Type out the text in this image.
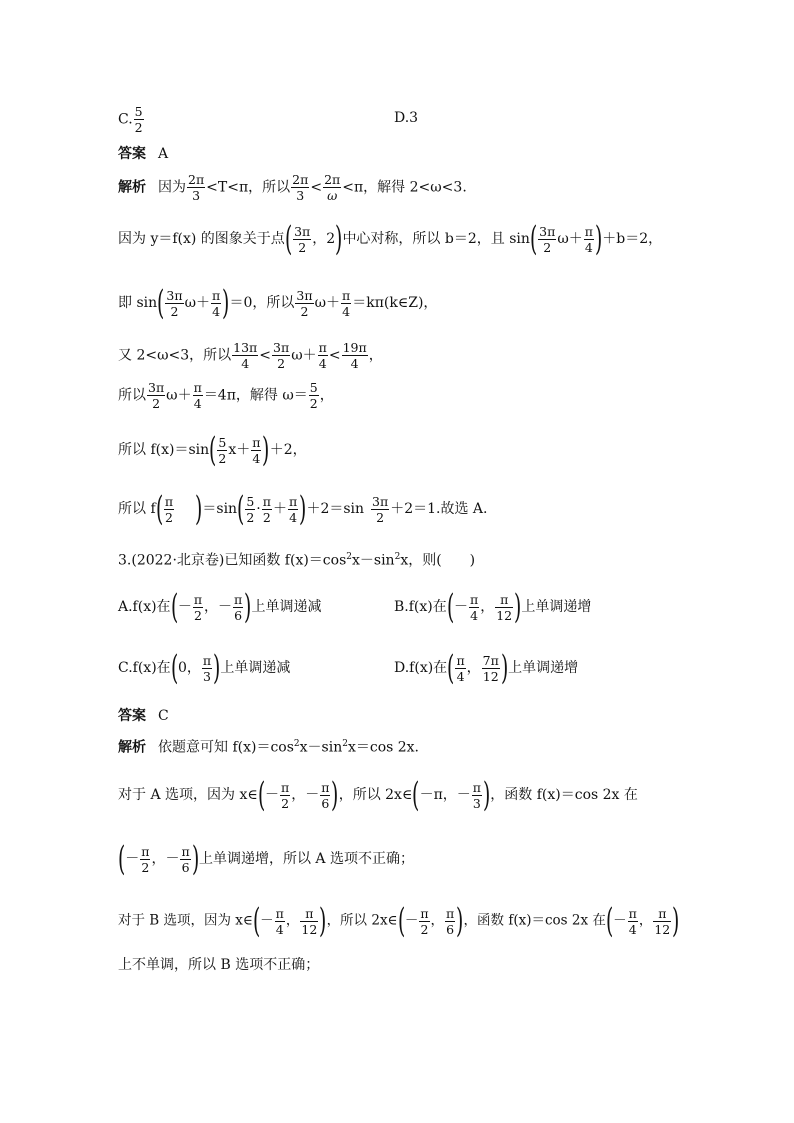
C. $\frac{5}{2}$	D.3
答案 A
解析 因为 $\frac{2\pi}{3} <T<\pi$，所以 $\frac{2\pi}{3} < \frac{2\pi}{\omega} <\pi$，解得 2<ω<3.
因为 y＝f(x) 的图象关于点( $\frac{3\pi}{2}$ ，2)中心对称，所以 b＝2，且 $\sin( \frac{3\pi}{2} \omega+ \frac{\pi}{4} )+b=2$，
即 $\sin( \frac{3\pi}{2} \omega+ \frac{\pi}{4} )=0$，所以 $\frac{3\pi}{2} \omega+ \frac{\pi}{4}$ ＝kπ(k∈Z)，
又 2<ω<3，所以 $\frac{13\pi}{4} < \frac{3\pi}{2} \omega+ \frac{\pi}{4} < \frac{19\pi}{4}$ ，
所以 $\frac{3\pi}{2} \omega+ \frac{\pi}{4} =4\pi$，解得 $\omega= \frac{5}{2}$ ，
所以 $f(x)=\sin( \frac{5}{2} x+ \frac{\pi}{4} )+2$，
所以 $f( \frac{\pi}{2} )=\sin( \frac{5}{2} \cdot \frac{\pi}{2} + \frac{\pi}{4} )+2=\sin \frac{3\pi}{2} +2=1$.故选 A.
3.(2022·北京卷)已知函数 $f(x)=\cos^2x-\sin^2x$，则(　　)
A.f(x)在(－ $\frac{\pi}{2}$ ，－ $\frac{\pi}{6}$ )上单调递减	B.f(x)在(－ $\frac{\pi}{4}$ ， $\frac{\pi}{12}$ )上单调递增
C.f(x)在(0， $\frac{\pi}{3}$ )上单调递减	D.f(x)在( $\frac{\pi}{4}$ ， $\frac{7\pi}{12}$ )上单调递增
答案 C
解析 依题意可知 $f(x)=\cos^2x-\sin^2x=\cos$ 2x.
对于 A 选项，因为 x∈(－ $\frac{\pi}{2}$ ，－ $\frac{\pi}{6}$ )，所以 2x∈(－π，－ $\frac{\pi}{3}$ )，函数 f(x)＝cos 2x 在
(－ $\frac{\pi}{2}$ ，－ $\frac{\pi}{6}$ )上单调递增，所以 A 选项不正确；
对于 B 选项，因为 x∈(－ $\frac{\pi}{4}$ ， $\frac{\pi}{12}$ )，所以 2x∈(－ $\frac{\pi}{2}$ ， $\frac{\pi}{6}$ )，函数 f(x)＝cos 2x 在(－ $\frac{\pi}{4}$ ， $\frac{\pi}{12}$ )
上不单调，所以 B 选项不正确；
